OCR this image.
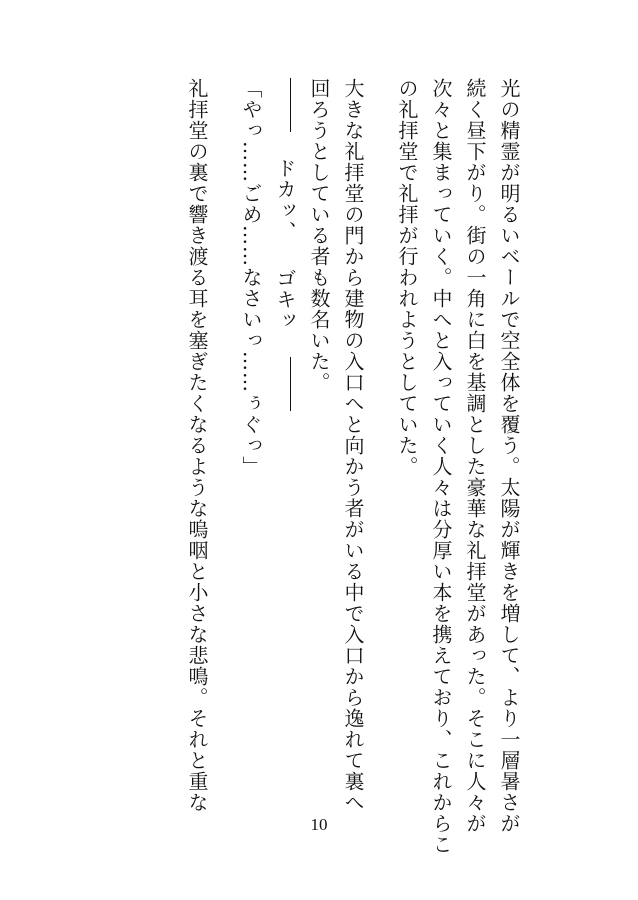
光の精霊が明るいベールで空全体を覆う。太陽が輝きを増して、より一層暑さが
続く昼下がり。街の一角に白を基調とした豪華な礼拝堂があった。そこに人々が
次々と集まっていく。中へと入っていく人々は分厚い本を携えており、これからこ
の礼拝堂で礼拝が行われようとしていた。
大きな礼拝堂の門から建物の入口へと向かう者がいる中で入口から逸れて裏へ
回ろうとしている者も数名いた。
ドカッ、ゴキッ
「やっ……ごめ……なさいっ……ぅぐっ」
礼拝堂の裏で響き渡る耳を塞ぎたくなるような嗚咽と小さな悲鳴。それと重な
10
